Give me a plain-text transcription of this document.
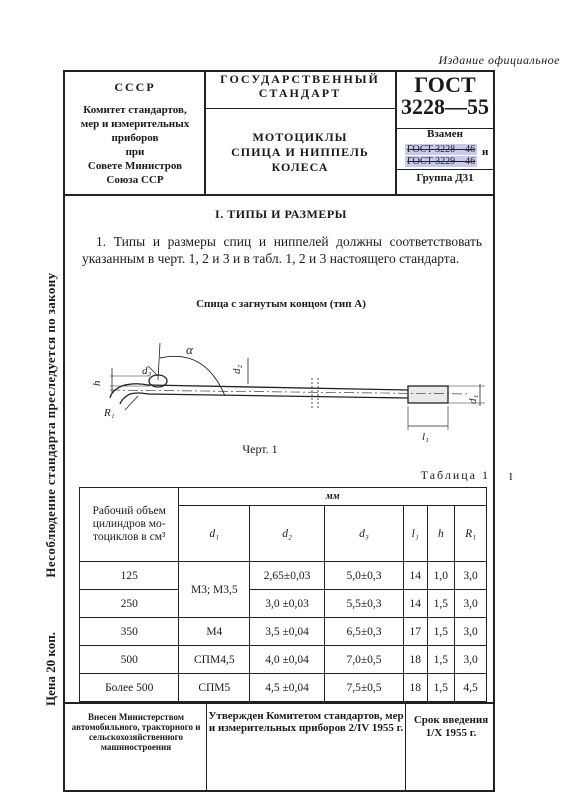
Издание официальное
СССР
Комитет стандартов,
мер и измерительных
приборов
при
Совете Министров
Союза ССР
ГОСУДАРСТВЕННЫЙ
СТАНДАРТ
МОТОЦИКЛЫ
СПИЦА И НИППЕЛЬ КОЛЕСА
ГОСТ
3228—55
Взамен
ГОСТ 3228—46
ГОСТ 3229—46
и
Группа Д31
Несоблюдение стандарта преследуется по закону
Цена 20 коп.
I. ТИПЫ И РАЗМЕРЫ
1. Типы и размеры спиц и ниппелей должны соответствовать указанным в черт. 1, 2 и 3 и в табл. 1, 2 и 3 настоящего стандарта.
Спица с загнутым концом (тип А)
α
d₃	d₂
d₁
h
R₁
l₁
Черт. 1
Таблица 1
Рабочий объем цилиндров мотоциклов в см³	мм					
	d₁	d₂	d₃	l₁	h	R₁
125	М3; М3,5	2,65±0,03	5,0±0,3	14	1,0	3,0
250		3,0 ±0,03	5,5±0,3	14	1,5	3,0
350	М4	3,5 ±0,04	6,5±0,3	17	1,5	3,0
500	СПМ4,5	4,0 ±0,04	7,0±0,5	18	1,5	3,0
Более 500	СПМ5	4,5 ±0,04	7,5±0,5	18	1,5	4,5
I
Внесен Министерством автомобильного, тракторного и сельскохозяйственного машиностроения
Утвержден Комитетом стандартов, мер и измерительных приборов 2/IV 1955 г.
Срок введения
1/X 1955 г.
